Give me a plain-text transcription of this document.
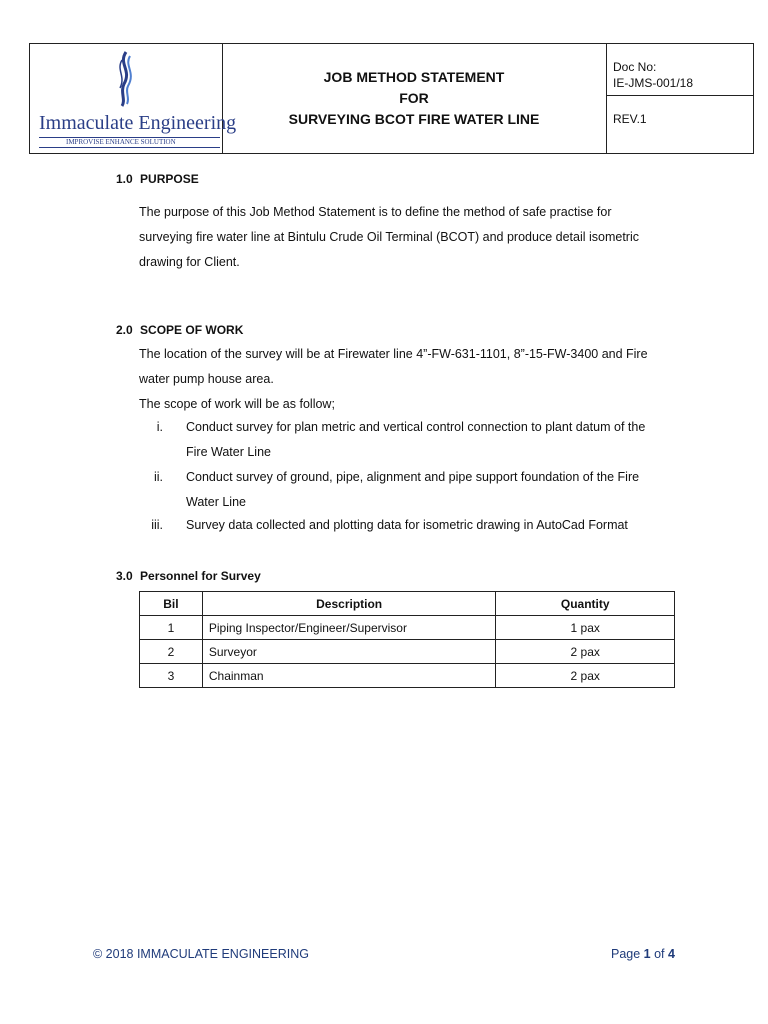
Immaculate Engineering
IMPROVISE ENHANCE SOLUTION
JOB METHOD STATEMENT
FOR
SURVEYING BCOT FIRE WATER LINE
Doc No:
IE-JMS-001/18
REV.1
1.0 PURPOSE
The purpose of this Job Method Statement is to define the method of safe practise for
surveying fire water line at Bintulu Crude Oil Terminal (BCOT) and produce detail isometric
drawing for Client.
2.0 SCOPE OF WORK
The location of the survey will be at Firewater line 4”-FW-631-1101, 8”-15-FW-3400 and Fire
water pump house area.
The scope of work will be as follow;
i. Conduct survey for plan metric and vertical control connection to plant datum of the
Fire Water Line
ii. Conduct survey of ground, pipe, alignment and pipe support foundation of the Fire
Water Line
iii. Survey data collected and plotting data for isometric drawing in AutoCad Format
3.0 Personnel for Survey
Bil	Description	Quantity
1	Piping Inspector/Engineer/Supervisor	1 pax
2	Surveyor	2 pax
3	Chainman	2 pax
© 2018 IMMACULATE ENGINEERING	Page 1 of 4
